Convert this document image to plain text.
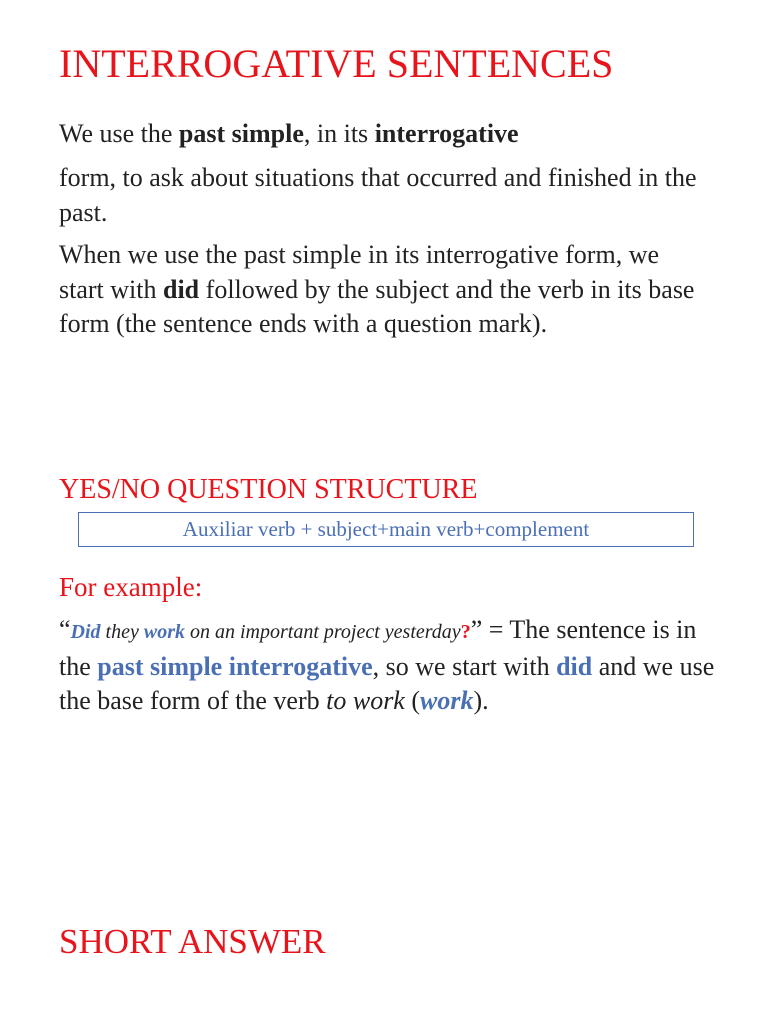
INTERROGATIVE SENTENCES

We use the past simple, in its interrogative

form, to ask about situations that occurred and finished in the past.

When we use the past simple in its interrogative form, we start with did followed by the subject and the verb in its base form (the sentence ends with a question mark).

YES/NO QUESTION STRUCTURE
Auxiliar verb + subject+main verb+complement
For example:

“Did they work on an important project yesterday?” = The sentence is in the past simple interrogative, so we start with did and we use the base form of the verb to work (work).

SHORT ANSWER
